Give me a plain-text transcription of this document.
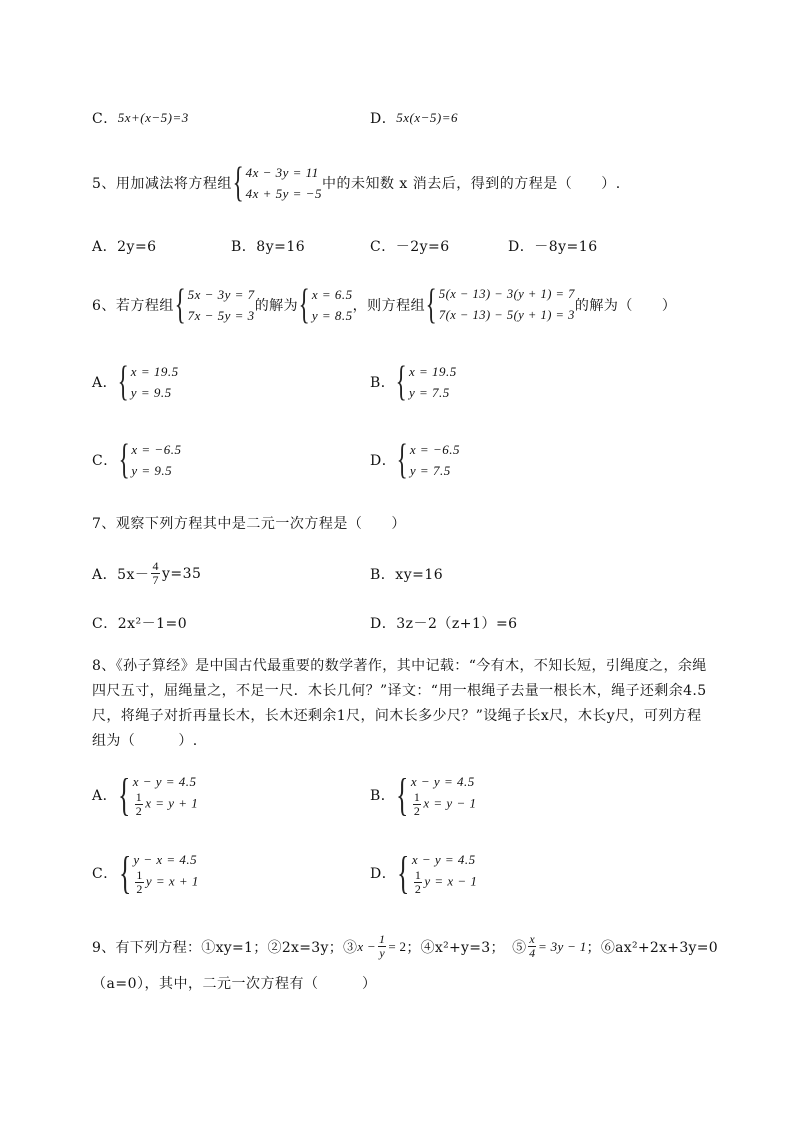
C． 5x+(x−5)=3	D． 5x(x−5)=6
5、用加减法将方程组 { 4x − 3y = 11
4x + 5y = −5
中的未知数 x 消去后，得到的方程是（　　）.
A．2y=6	B．8y=16	C．－2y=6	D．－8y=16
6、若方程组 { 5x − 3y = 7
7x − 5y = 3
的解为 { x = 6.5
y = 8.5
，则方程组 { 5(x − 13) − 3(y + 1) = 7
7(x − 13) − 5(y + 1) = 3
的解为（　　）
A． { x = 19.5
y = 9.5
B． { x = 19.5
y = 7.5
C． { x = −6.5
y = 9.5
D． { x = −6.5
y = 7.5
7、观察下列方程其中是二元一次方程是（　　）
A． $5x- \frac{4}{7} y=35$	B．xy=16
C．2x²－1=0	D．3z－2（z+1）=6
8、《孙子算经》是中国古代最重要的数学著作，其中记载：“今有木，不知长短，引绳度之，余绳四尺五寸，屈绳量之，不足一尺．木长几何？”译文：“用一根绳子去量一根长木，绳子还剩余4.5尺，将绳子对折再量长木，长木还剩余1尺，问木长多少尺？”设绳子长x尺，木长y尺，可列方程组为（　　　）.
A． { x − y = 4.5
$\frac{1}{2}$ x = y + 1	B． { x − y = 4.5
$\frac{1}{2}$ x = y − 1
C． { y − x = 4.5
$\frac{1}{2}$ y = x + 1	D． { x − y = 4.5
$\frac{1}{2}$ y = x − 1
9、有下列方程：①xy=1；②2x=3y；③ $x - \frac{1}{y} = 2$ ；④x²+y=3；　⑤ $\frac{x}{4} = 3y - 1$ ；⑥ax²+2x+3y=0
（a=0），其中，二元一次方程有（　　　）
